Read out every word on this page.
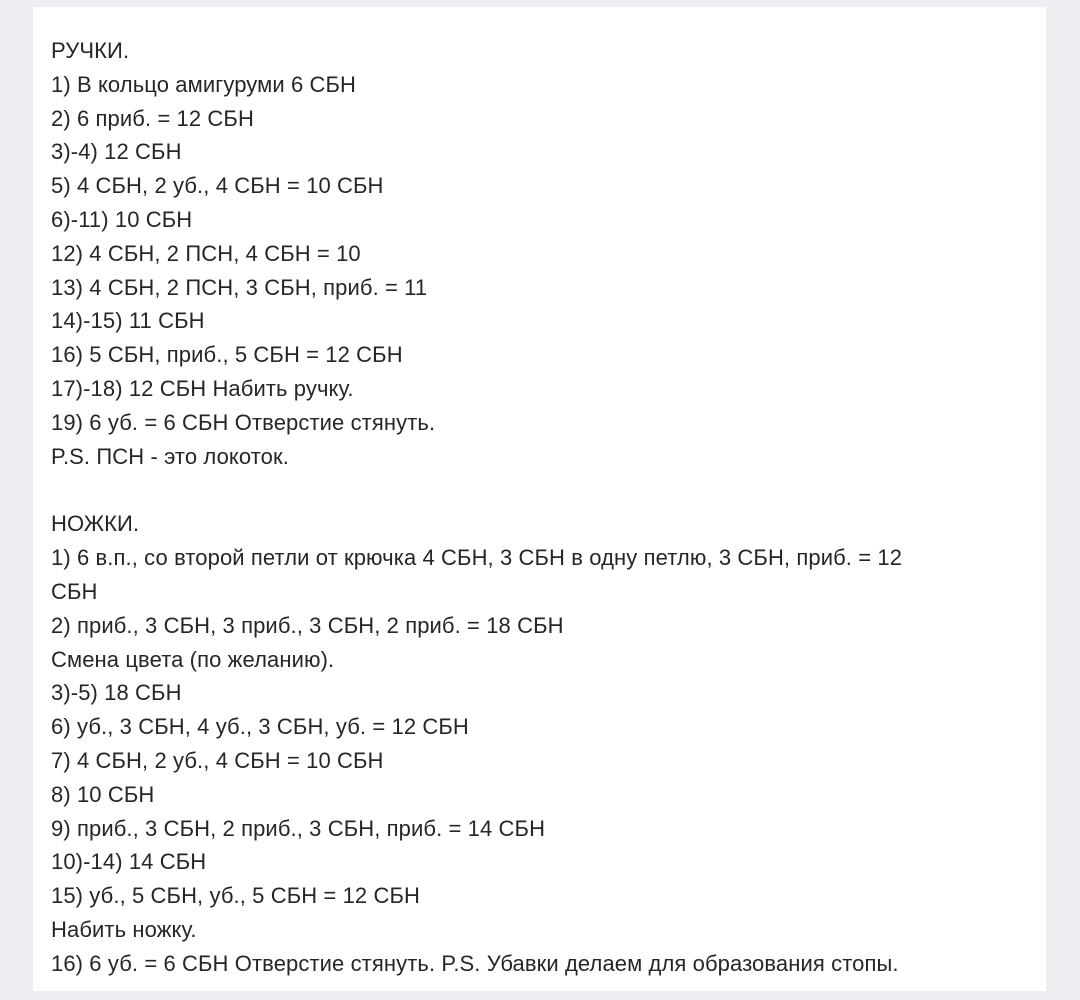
РУЧКИ.
1) В кольцо амигуруми 6 СБН
2) 6 приб. = 12 СБН
3)-4) 12 СБН
5) 4 СБН, 2 уб., 4 СБН = 10 СБН
6)-11) 10 СБН
12) 4 СБН, 2 ПСН, 4 СБН = 10
13) 4 СБН, 2 ПСН, 3 СБН, приб. = 11
14)-15) 11 СБН
16) 5 СБН, приб., 5 СБН = 12 СБН
17)-18) 12 СБН Набить ручку.
19) 6 уб. = 6 СБН Отверстие стянуть.
P.S. ПСН - это локоток.
НОЖКИ.
1) 6 в.п., со второй петли от крючка 4 СБН, 3 СБН в одну петлю, 3 СБН, приб. = 12
СБН
2) приб., 3 СБН, 3 приб., 3 СБН, 2 приб. = 18 СБН
Смена цвета (по желанию).
3)-5) 18 СБН
6) уб., 3 СБН, 4 уб., 3 СБН, уб. = 12 СБН
7) 4 СБН, 2 уб., 4 СБН = 10 СБН
8) 10 СБН
9) приб., 3 СБН, 2 приб., 3 СБН, приб. = 14 СБН
10)-14) 14 СБН
15) уб., 5 СБН, уб., 5 СБН = 12 СБН
Набить ножку.
16) 6 уб. = 6 СБН Отверстие стянуть. P.S. Убавки делаем для образования стопы.
